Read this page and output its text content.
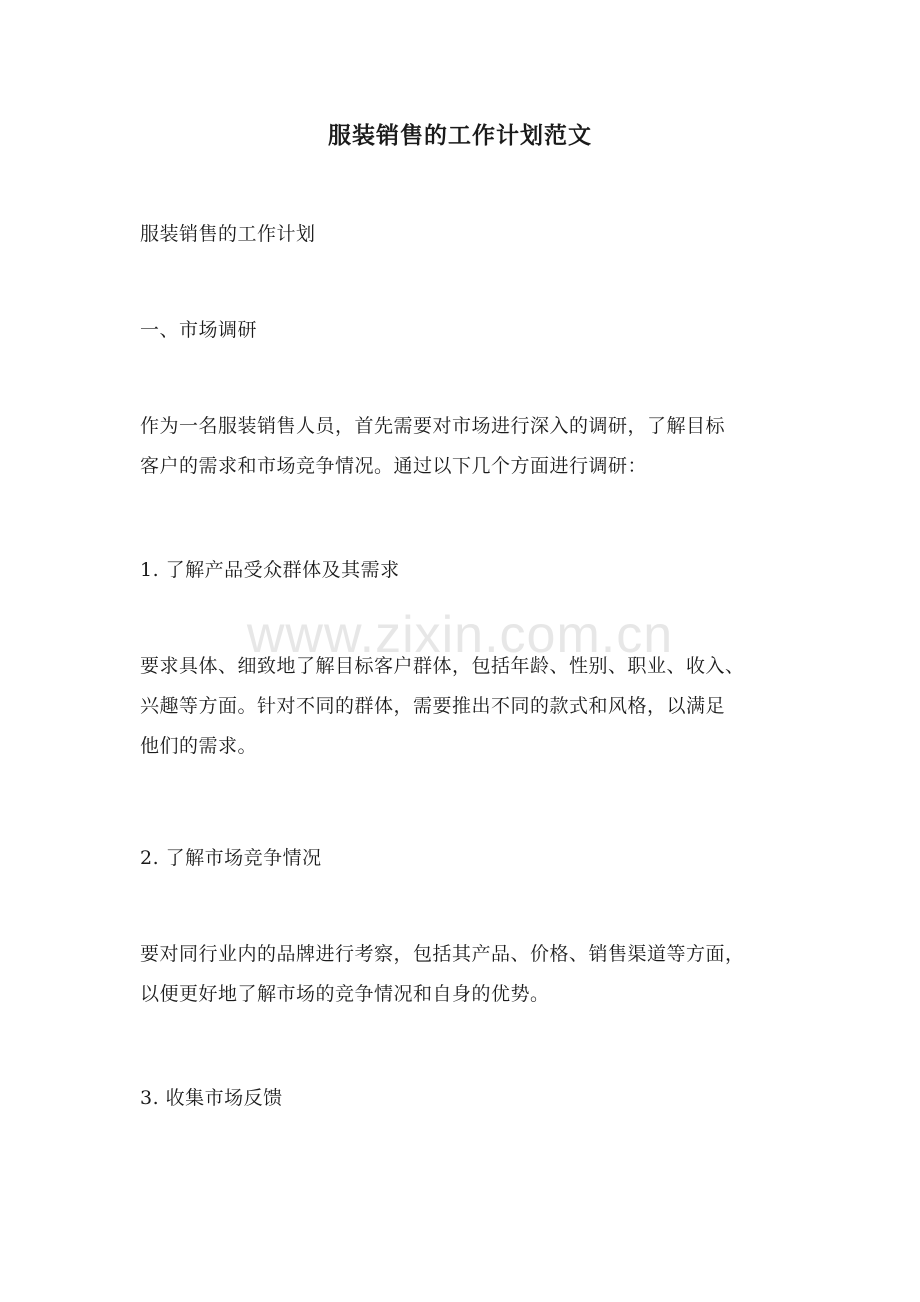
服装销售的工作计划范文
服装销售的工作计划
一、市场调研
作为一名服装销售人员，首先需要对市场进行深入的调研，了解目标
客户的需求和市场竞争情况。通过以下几个方面进行调研：
1. 了解产品受众群体及其需求
要求具体、细致地了解目标客户群体，包括年龄、性别、职业、收入、
兴趣等方面。针对不同的群体，需要推出不同的款式和风格，以满足
他们的需求。
2. 了解市场竞争情况
要对同行业内的品牌进行考察，包括其产品、价格、销售渠道等方面，
以便更好地了解市场的竞争情况和自身的优势。
3. 收集市场反馈
www.zixin.com.cn
